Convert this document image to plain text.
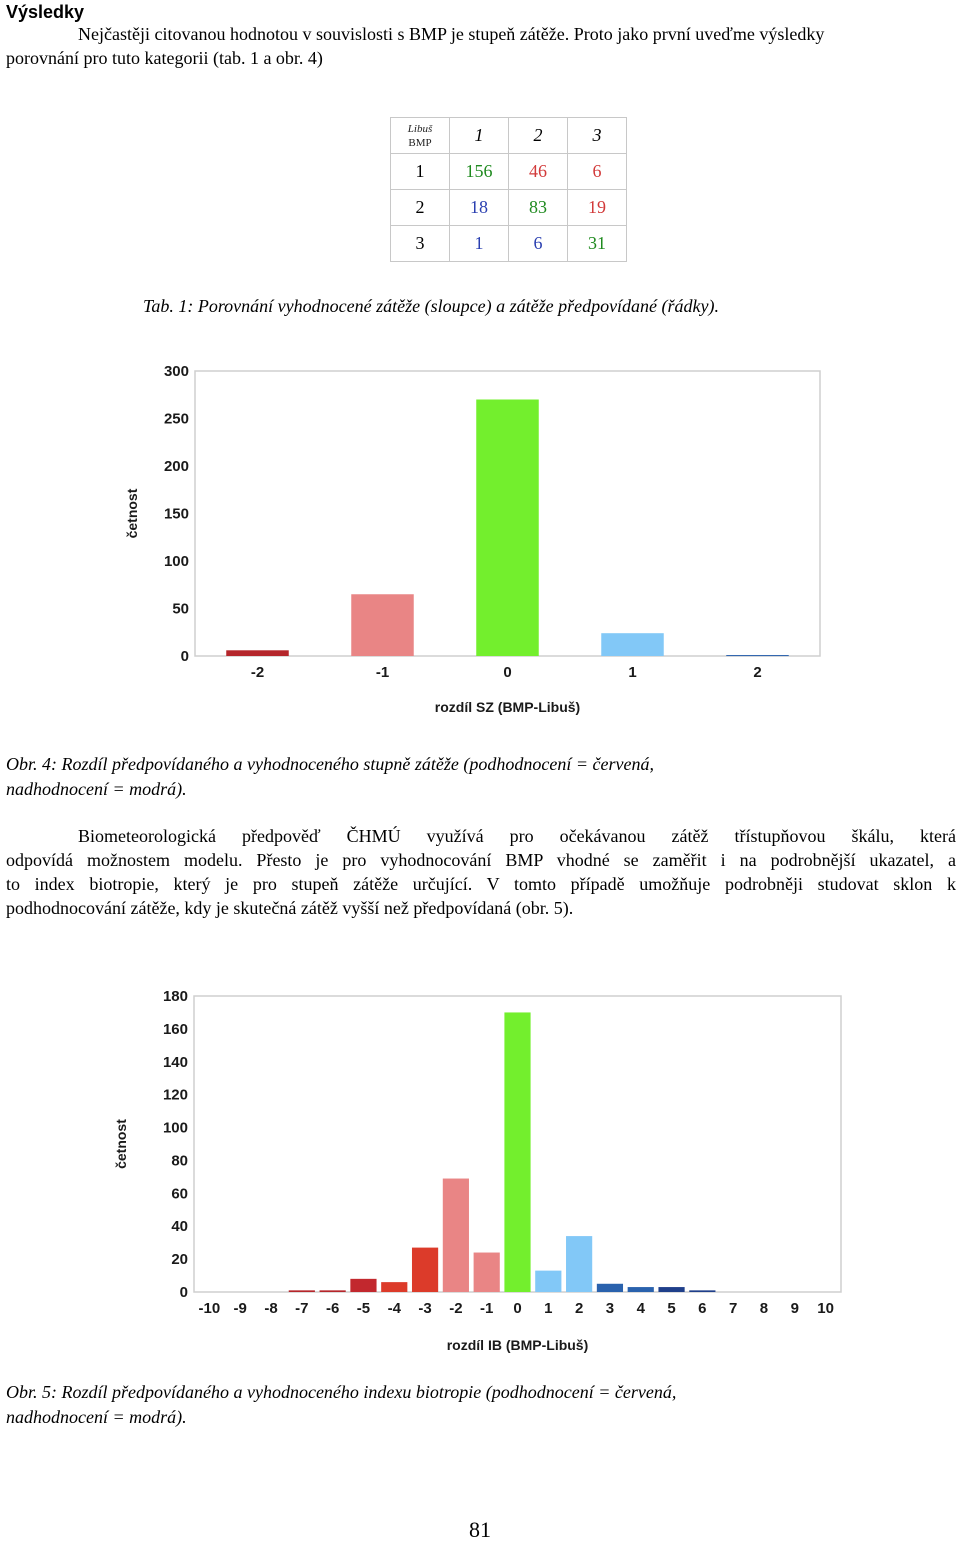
Výsledky
Nejčastěji citovanou hodnotou v souvislosti s BMP je stupeň zátěže. Proto jako první uveďme výsledky
porovnání pro tuto kategorii (tab. 1 a obr. 4)
Libuš
BMP	1	2	3
1	156	46	6
2	18	83	19
3	1	6	31
Tab. 1: Porovnání vyhodnocené zátěže (sloupce) a zátěže předpovídané (řádky).
0
50
100
150
200
250
300
-2	-1	0	1	2
rozdíl SZ (BMP-Libuš)
četnost
Obr. 4: Rozdíl předpovídaného a vyhodnoceného stupně zátěže (podhodnocení = červená,
nadhodnocení = modrá).
Biometeorologická předpověď ČHMÚ využívá pro očekávanou zátěž třístupňovou škálu, která
odpovídá možnostem modelu. Přesto je pro vyhodnocování BMP vhodné se zaměřit i na podrobnější ukazatel, a
to index biotropie, který je pro stupeň zátěže určující. V tomto případě umožňuje podrobněji studovat sklon k
podhodnocování zátěže, kdy je skutečná zátěž vyšší než předpovídaná (obr. 5).
0
20
40
60
80
100
120
140
160
180
-10 -9 -8 -7 -6 -5 -4 -3 -2 -1 0 1 2 3 4 5 6 7 8 9 10
rozdíl IB (BMP-Libuš)
četnost
Obr. 5: Rozdíl předpovídaného a vyhodnoceného indexu biotropie (podhodnocení = červená,
nadhodnocení = modrá).
81
